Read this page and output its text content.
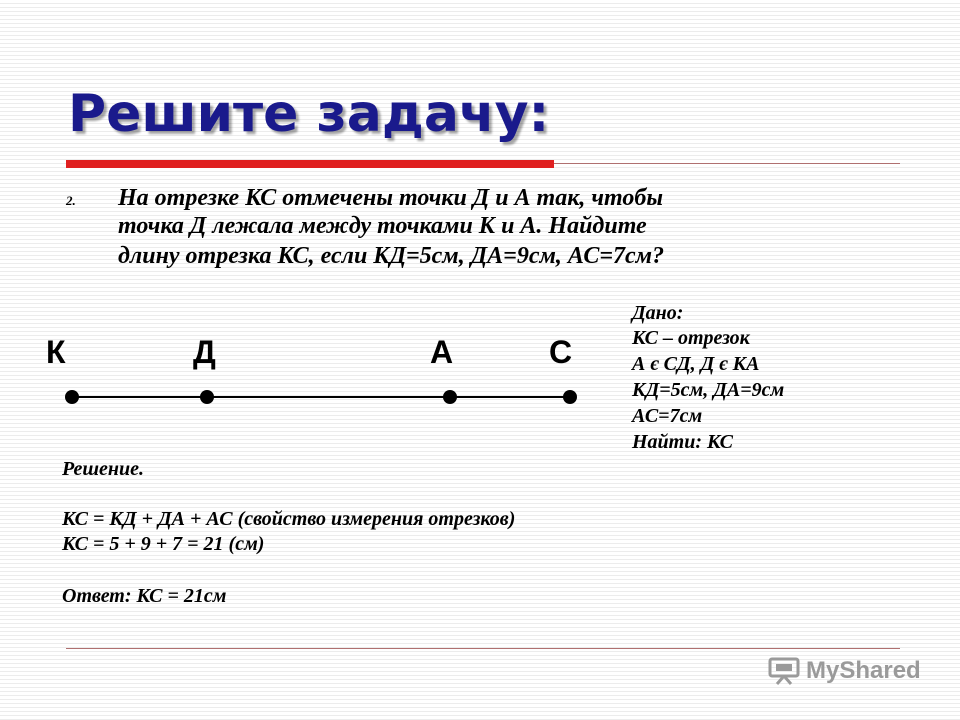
Решите задачу:
2. На отрезке КС отмечены точки Д и А так, чтобы
точка Д лежала между точками К и А. Найдите
длину отрезка КС, если КД=5см, ДА=9см, АС=7см?
К	Д	А	С
Дано:
КС – отрезок
А є СД, Д є КА
КД=5см, ДА=9см
АС=7см
Найти: КС
Решение.
КС = КД + ДА + АС (свойство измерения отрезков)
КС = 5 + 9 + 7 = 21 (см)
Ответ: КС = 21см
MyShared
